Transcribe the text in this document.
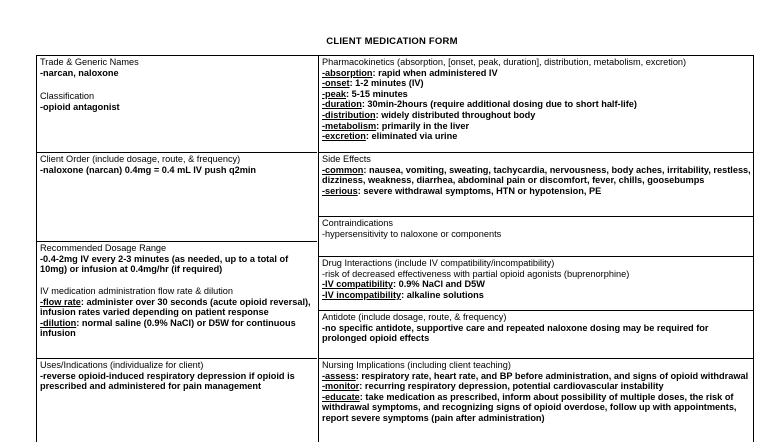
CLIENT MEDICATION FORM
Trade & Generic Names
-narcan, naloxone
Classification
-opioid antagonist
Client Order (include dosage, route, & frequency)
-naloxone (narcan) 0.4mg = 0.4 mL IV push q2min
Recommended Dosage Range
-0.4-2mg IV every 2-3 minutes (as needed, up to a total of 10mg) or infusion at 0.4mg/hr (if required)
IV medication administration flow rate & dilution
-flow rate: administer over 30 seconds (acute opioid reversal), infusion rates varied depending on patient response
-dilution: normal saline (0.9% NaCl) or D5W for continuous infusion
Uses/Indications (individualize for client)
-reverse opioid-induced respiratory depression if opioid is prescribed and administered for pain management
Pharmacokinetics (absorption, [onset, peak, duration], distribution, metabolism, excretion)
-absorption: rapid when administered IV
-onset: 1-2 minutes (IV)
-peak: 5-15 minutes
-duration: 30min-2hours (require additional dosing due to short half-life)
-distribution: widely distributed throughout body
-metabolism: primarily in the liver
-excretion: eliminated via urine
Side Effects
-common: nausea, vomiting, sweating, tachycardia, nervousness, body aches, irritability, restless, dizziness, weakness, diarrhea, abdominal pain or discomfort, fever, chills, goosebumps
-serious: severe withdrawal symptoms, HTN or hypotension, PE
Contraindications
-hypersensitivity to naloxone or components
Drug Interactions (include IV compatibility/incompatibility)
-risk of decreased effectiveness with partial opioid agonists (buprenorphine)
-IV compatibility: 0.9% NaCl and D5W
-IV incompatibility: alkaline solutions
Antidote (include dosage, route, & frequency)
-no specific antidote, supportive care and repeated naloxone dosing may be required for prolonged opioid effects
Nursing Implications (including client teaching)
-assess: respiratory rate, heart rate, and BP before administration, and signs of opioid withdrawal
-monitor: recurring respiratory depression, potential cardiovascular instability
-educate: take medication as prescribed, inform about possibility of multiple doses, the risk of withdrawal symptoms, and recognizing signs of opioid overdose, follow up with appointments, report severe symptoms (pain after administration)
